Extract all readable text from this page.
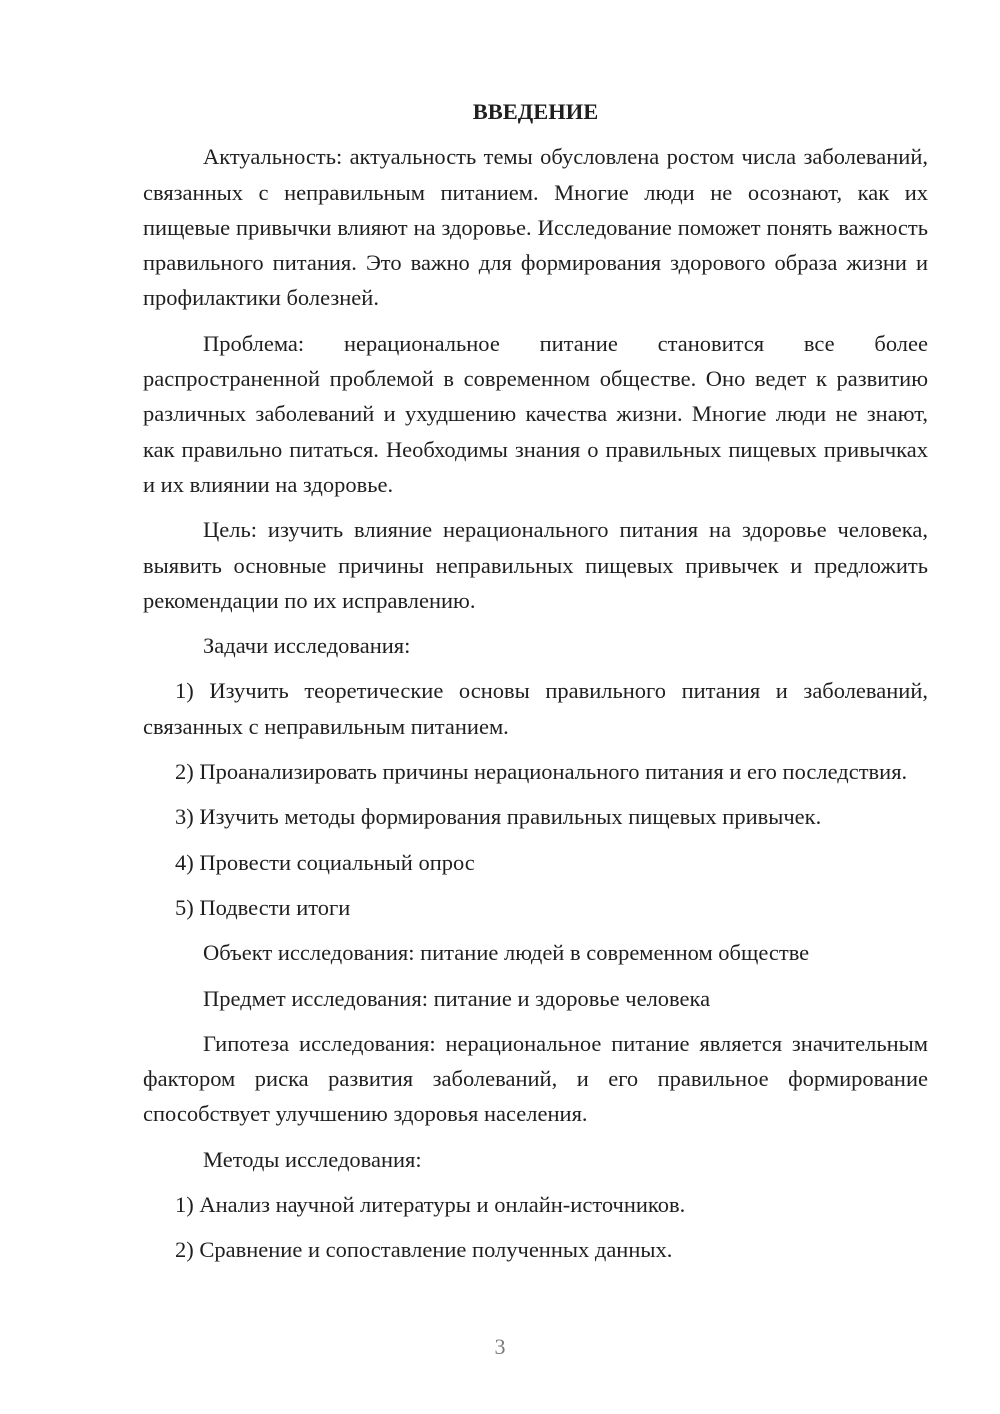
ВВЕДЕНИЕ

Актуальность: актуальность темы обусловлена ростом числа заболеваний, связанных с неправильным питанием. Многие люди не осознают, как их пищевые привычки влияют на здоровье. Исследование поможет понять важность правильного питания. Это важно для формирования здорового образа жизни и профилактики болезней.

Проблема: нерациональное питание становится все более распространенной проблемой в современном обществе. Оно ведет к развитию различных заболеваний и ухудшению качества жизни. Многие люди не знают, как правильно питаться. Необходимы знания о правильных пищевых привычках и их влиянии на здоровье.

Цель: изучить влияние нерационального питания на здоровье человека, выявить основные причины неправильных пищевых привычек и предложить рекомендации по их исправлению.

Задачи исследования:

1) Изучить теоретические основы правильного питания и заболеваний, связанных с неправильным питанием.

2) Проанализировать причины нерационального питания и его последствия.

3) Изучить методы формирования правильных пищевых привычек.

4) Провести социальный опрос

5) Подвести итоги

Объект исследования: питание людей в современном обществе

Предмет исследования: питание и здоровье человека

Гипотеза исследования: нерациональное питание является значительным фактором риска развития заболеваний, и его правильное формирование способствует улучшению здоровья населения.

Методы исследования:

1) Анализ научной литературы и онлайн-источников.

2) Сравнение и сопоставление полученных данных.

3
